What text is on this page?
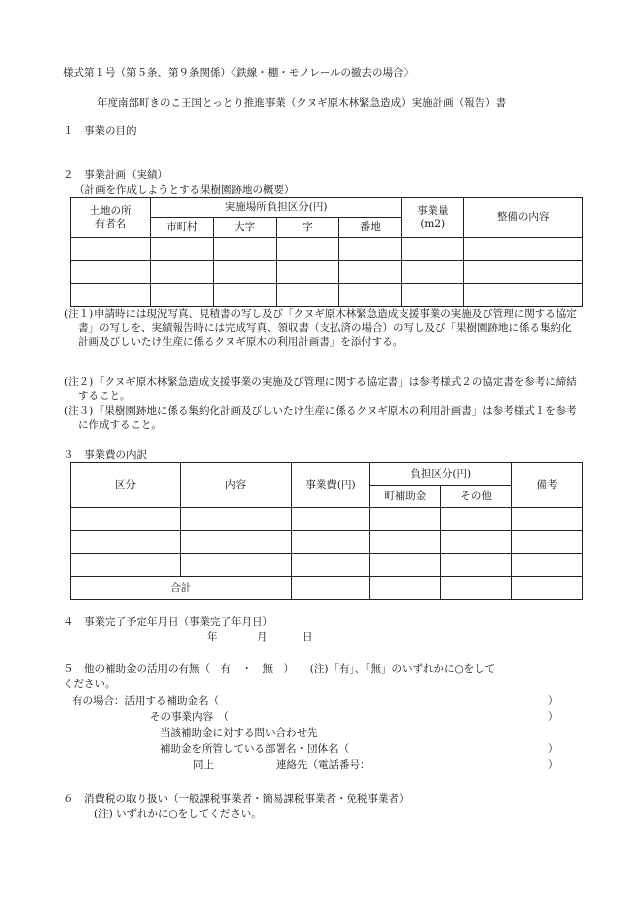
様式第１号（第５条、第９条関係）〈鉄線・棚・モノレールの撤去の場合〉
年度南部町きのこ王国とっとり推進事業（クヌギ原木林緊急造成）実施計画（報告）書
１　事業の目的
２　事業計画（実績）
（計画を作成しようとする果樹園跡地の概要）
土地の所有者名	実施場所負担区分(円)				事業量(m2)	整備の内容
	市町村	大字	字	番地		

(注１) 申請時には現況写真、見積書の写し及び「クヌギ原木林緊急造成支援事業の実施及び管理に関する協定書」の写しを、実績報告時には完成写真、領収書（支払済の場合）の写し及び「果樹園跡地に係る集約化計画及びしいたけ生産に係るクヌギ原木の利用計画書」を添付する。
(注２) 「クヌギ原木林緊急造成支援事業の実施及び管理に関する協定書」は参考様式２の協定書を参考に締結すること。
(注３) 「果樹園跡地に係る集約化計画及びしいたけ生産に係るクヌギ原木の利用計画書」は参考様式１を参考に作成すること。
３　事業費の内訳
区分	内容	事業費(円)	負担区分(円)		備考
			町補助金	その他	

合計					
４　事業完了予定年月日（事業完了年月日）
年	月	日
５　他の補助金の活用の有無（　有　・　無　）　　(注)「有」、「無」のいずれかに○をして
ください。
有の場合：活用する補助金名（	）
その事業内容　（	）
当該補助金に対する問い合わせ先
補助金を所管している部署名・団体名（	）
同上	連絡先（電話番号：	）
６　消費税の取り扱い（一般課税事業者・簡易課税事業者・免税事業者）
(注) いずれかに○をしてください。
